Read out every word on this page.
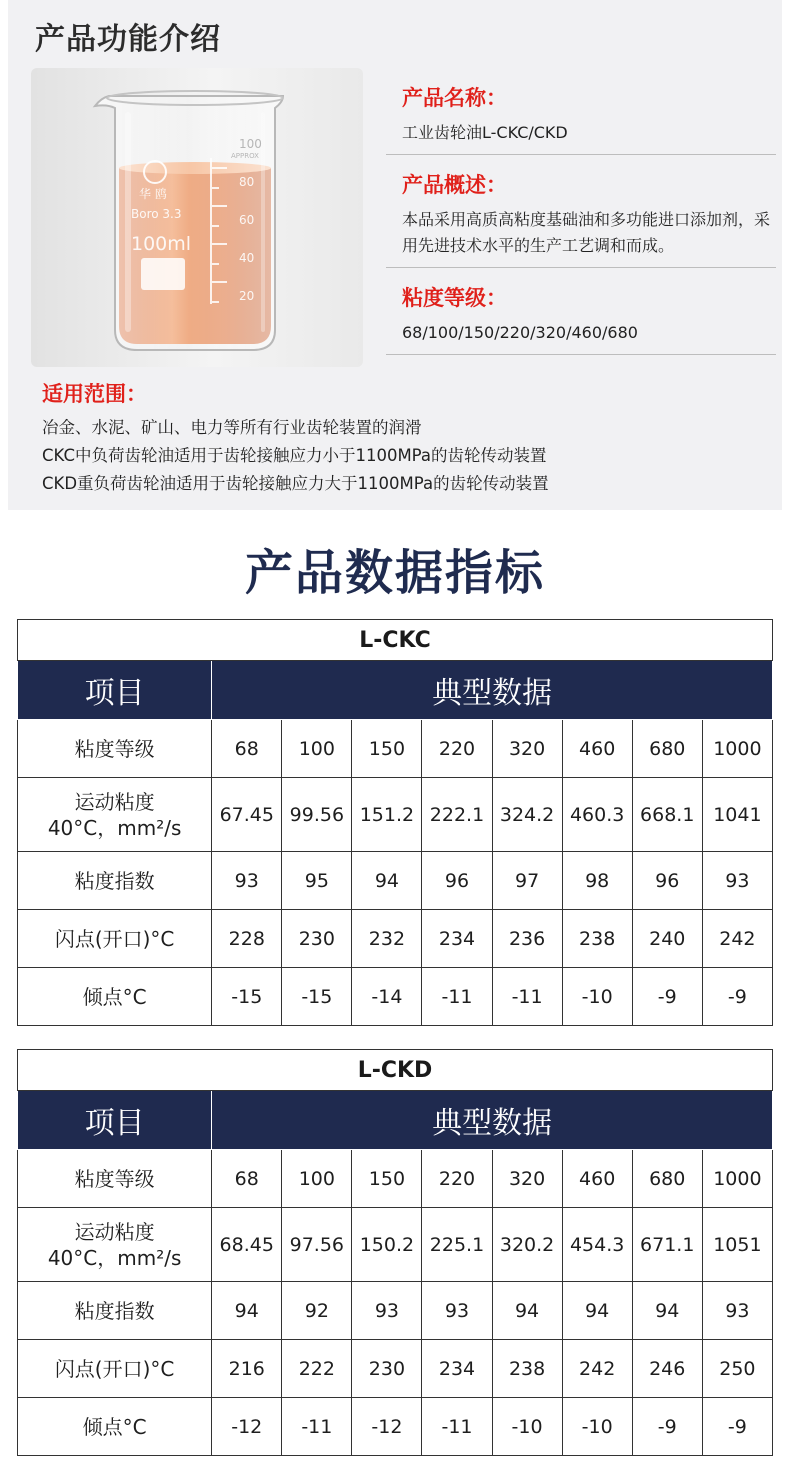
产品功能介绍
100
80
60
40
20
APPROX
华 鸥
Boro 3.3
100ml
产品名称：
工业齿轮油L-CKC/CKD
产品概述：
本品采用高质高粘度基础油和多功能进口添加剂，采用先进技术水平的生产工艺调和而成。
粘度等级：
68/100/150/220/320/460/680
适用范围：
冶金、水泥、矿山、电力等所有行业齿轮装置的润滑
CKC中负荷齿轮油适用于齿轮接触应力小于1100MPa的齿轮传动装置
CKD重负荷齿轮油适用于齿轮接触应力大于1100MPa的齿轮传动装置
产品数据指标
L-CKC								
项目	典型数据							

粘度等级	68	100	150	220	320	460	680	1000

运动粘度
40°C，mm²/s	67.45	99.56	151.2	222.1	324.2	460.3	668.1	1041

粘度指数	93	95	94	96	97	98	96	93

闪点(开口)°C	228	230	232	234	236	238	240	242

倾点°C	-15	-15	-14	-11	-11	-10	-9	-9
L-CKD								
项目	典型数据							

粘度等级	68	100	150	220	320	460	680	1000

运动粘度
40°C，mm²/s	68.45	97.56	150.2	225.1	320.2	454.3	671.1	1051

粘度指数	94	92	93	93	94	94	94	93

闪点(开口)°C	216	222	230	234	238	242	246	250

倾点°C	-12	-11	-12	-11	-10	-10	-9	-9
